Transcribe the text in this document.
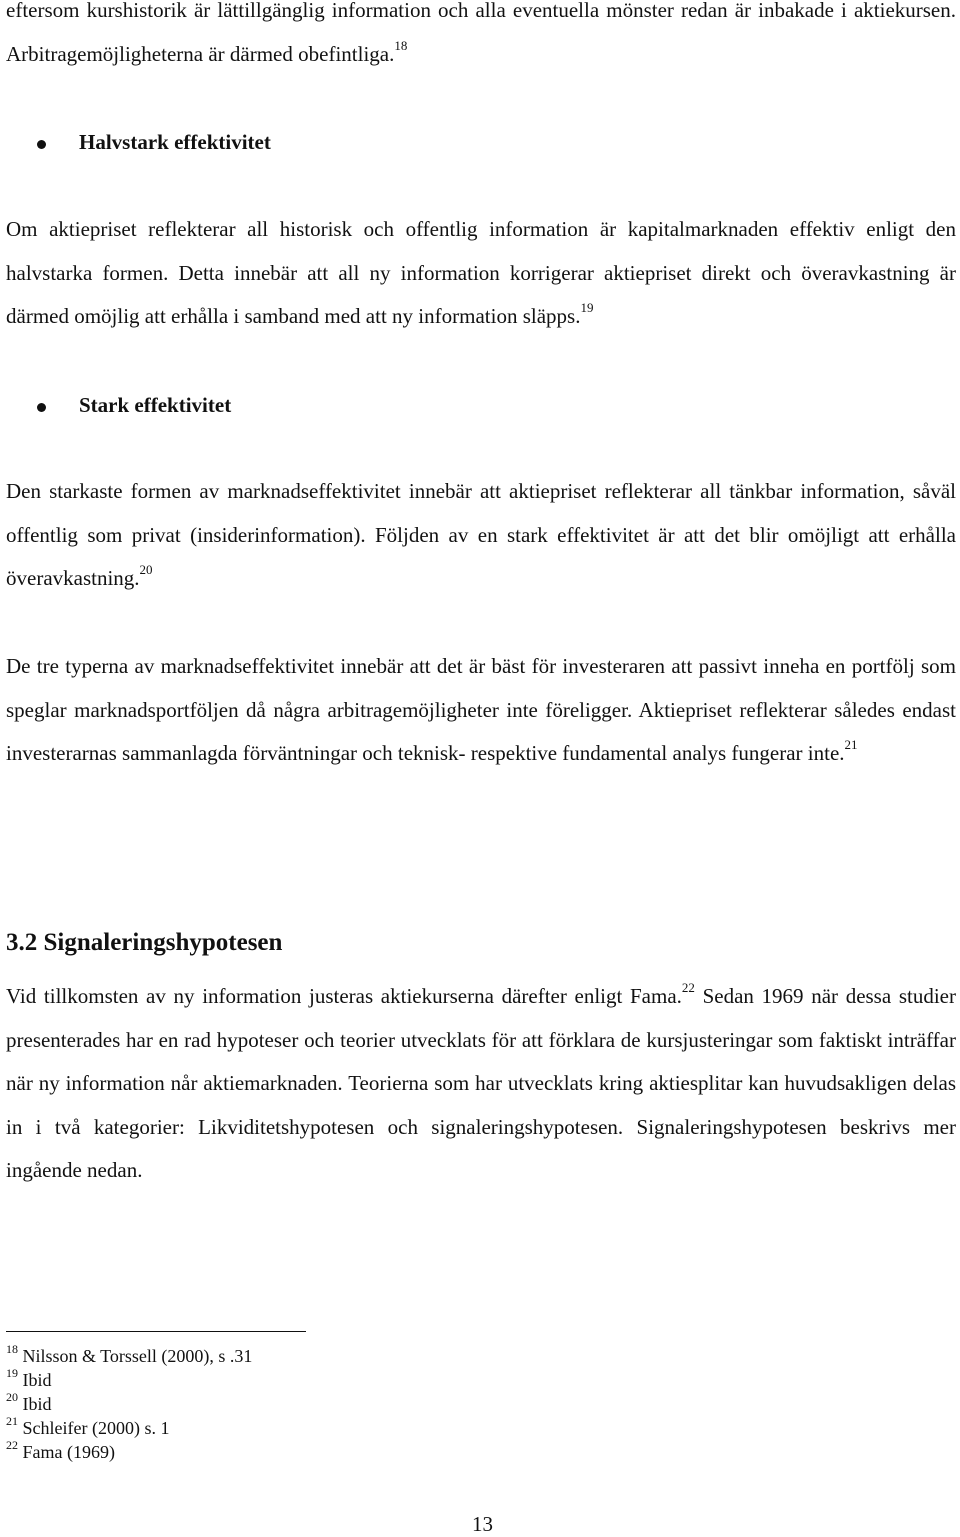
eftersom kurshistorik är lättillgänglig information och alla eventuella mönster redan är inbakade i aktiekursen. Arbitragemöjligheterna är därmed obefintliga.$^{18}$

Halvstark effektivitet

Om aktiepriset reflekterar all historisk och offentlig information är kapitalmarknaden effektiv enligt den halvstarka formen. Detta innebär att all ny information korrigerar aktiepriset direkt och överavkastning är därmed omöjlig att erhålla i samband med att ny information släpps.$^{19}$

Stark effektivitet

Den starkaste formen av marknadseffektivitet innebär att aktiepriset reflekterar all tänkbar information, såväl offentlig som privat (insiderinformation). Följden av en stark effektivitet är att det blir omöjligt att erhålla överavkastning.$^{20}$

De tre typerna av marknadseffektivitet innebär att det är bäst för investeraren att passivt inneha en portfölj som speglar marknadsportföljen då några arbitragemöjligheter inte föreligger. Aktiepriset reflekterar således endast investerarnas sammanlagda förväntningar och teknisk- respektive fundamental analys fungerar inte.$^{21}$

3.2 Signaleringshypotesen

Vid tillkomsten av ny information justeras aktiekurserna därefter enligt Fama.$^{22}$ Sedan 1969 när dessa studier presenterades har en rad hypoteser och teorier utvecklats för att förklara de kursjusteringar som faktiskt inträffar när ny information når aktiemarknaden. Teorierna som har utvecklats kring aktiesplitar kan huvudsakligen delas in i två kategorier: Likviditetshypotesen och signaleringshypotesen. Signaleringshypotesen beskrivs mer ingående nedan.

$^{18}$ Nilsson & Torssell (2000), s .31
$^{19}$ Ibid
$^{20}$ Ibid
$^{21}$ Schleifer (2000) s. 1
$^{22}$ Fama (1969)
13
